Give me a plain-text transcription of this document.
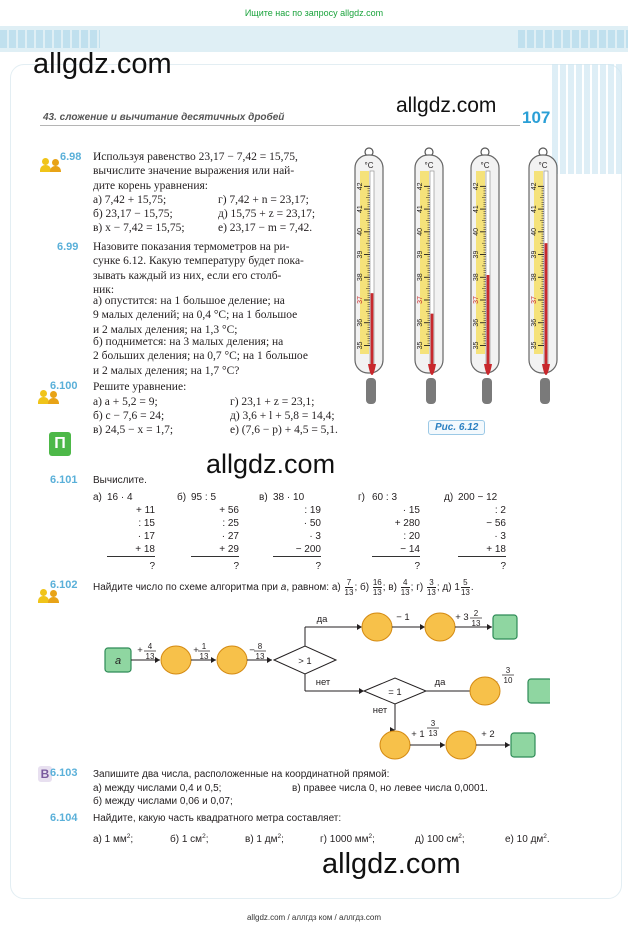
Ищите нас по запросу allgdz.com
allgdz.com
allgdz.com
43. сложение и вычитание десятичных дробей	107
6.98 Используя равенство 23,17 − 7,42 = 15,75,
вычислите значение выражения или най-
дите корень уравнения:
а) 7,42 + 15,75;	г) 7,42 + n = 23,17;
б) 23,17 − 15,75;	д) 15,75 + z = 23,17;
в) x − 7,42 = 15,75;	е) 23,17 − m = 7,42.
6.99 Назовите показания термометров на ри-
сунке 6.12. Какую температуру будет пока-
зывать каждый из них, если его столб-
ник:
а) опустится: на 1 большое деление; на
9 малых делений; на 0,4 °C; на 1 большое
и 2 малых деления; на 1,3 °C;
б) поднимется: на 3 малых деления; на
2 больших деления; на 0,7 °C; на 1 большое
и 2 малых деления; на 1,7 °C?
°C
42
41
40
39
38
37
36
35
°C
42
41
40
39
38
37
36
35
°C
42
41
40
39
38
37
36
35
°C
42
41
40
39
38
37
36
35
Рис. 6.12
6.100 Решите уравнение:
а) a + 5,2 = 9;	г) 23,1 + z = 23,1;
б) c − 7,6 = 24;	д) 3,6 + l + 5,8 = 14,4;
в) 24,5 − x = 1,7;	е) (7,6 − p) + 4,5 = 5,1.
П
allgdz.com
6.101 Вычислите.
а) 16 · 4
+ 11
: 15
· 17
+ 18
?
б) 95 : 5
+ 56
: 25
· 27
+ 29
?
в) 38 · 10
: 19
· 50
· 3
− 200
?
г) 60 : 3
· 15
+ 280
: 20
− 14
?
д) 200 − 12
: 2
− 56
· 3
+ 18
?
6.102 Найдите число по схеме алгоритма при a, равном: $а) \frac{7}{13}$ ; $б) \frac{16}{13}$ ; $в) \frac{4}{13}$ ; $г) \frac{3}{13}$ ; д) $1 \frac{5}{13}$ .
a
+ 4
13
+ 1
13
− 8
13	> 1
да	− 1	+ 3 2
13
нет
= 1
да
3
10
нет
+ 1
3
13	+ 2
В 6.103 Запишите два числа, расположенные на координатной прямой:
а) между числами 0,4 и 0,5;	в) правее числа 0, но левее числа 0,0001.
б) между числами 0,06 и 0,07;
6.104 Найдите, какую часть квадратного метра составляет:
а) 1 $мм^2$;	б) 1 $см^2$;	в) 1 $дм^2$;	г) 1000 $мм^2$;	д) 100 $см^2$;	е) 10 $дм^2$.
allgdz.com
allgdz.com / аллгдз ком / аллгдз.com
